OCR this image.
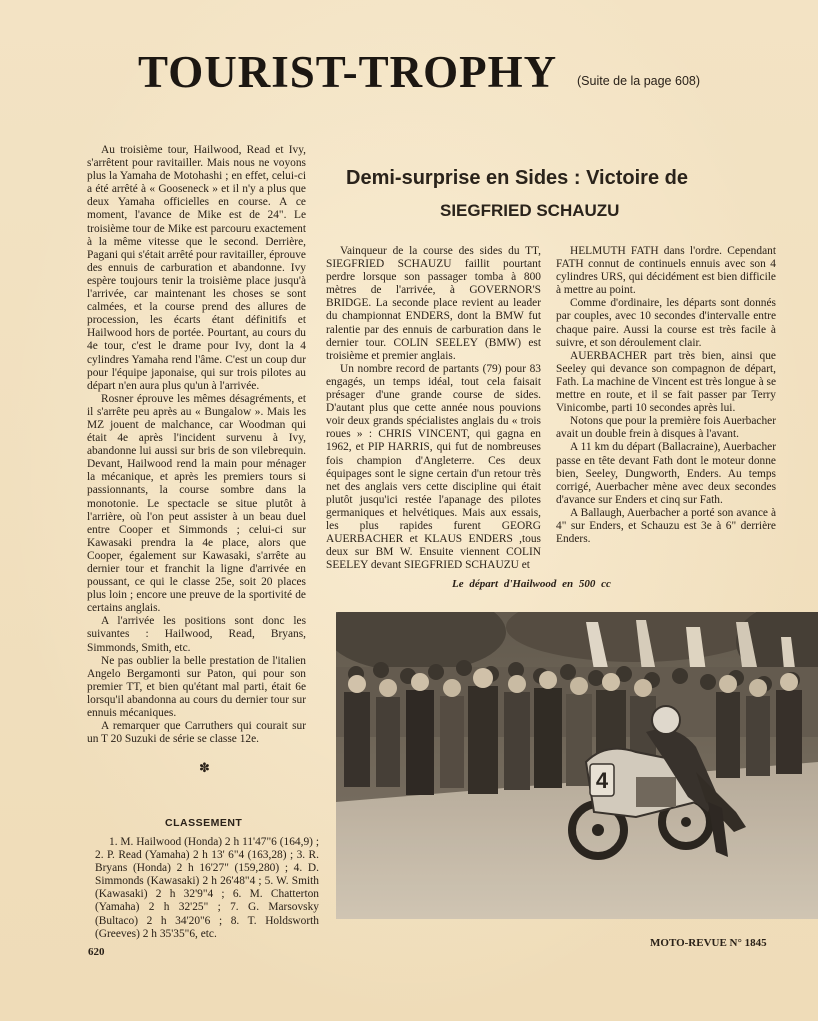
TOURIST-TROPHY (Suite de la page 608)

Au troisième tour, Hailwood, Read et Ivy, s'arrêtent pour ravitailler. Mais nous ne voyons plus la Yamaha de Motohashi ; en effet, celui-ci a été arrêté à « Gooseneck » et il n'y a plus que deux Yamaha officielles en course. A ce moment, l'avance de Mike est de 24". Le troisième tour de Mike est parcouru exactement à la même vitesse que le second. Derrière, Pagani qui s'était arrêté pour ravitailler, éprouve des ennuis de carburation et abandonne. Ivy espère toujours tenir la troisième place jusqu'à l'arrivée, car maintenant les choses se sont calmées, et la course prend des allures de procession, les écarts étant définitifs et Hailwood hors de portée. Pourtant, au cours du 4e tour, c'est le drame pour Ivy, dont la 4 cylindres Yamaha rend l'âme. C'est un coup dur pour l'équipe japonaise, qui sur trois pilotes au départ n'en aura plus qu'un à l'arrivée.

Rosner éprouve les mêmes désagréments, et il s'arrête peu après au « Bungalow ». Mais les MZ jouent de malchance, car Woodman qui était 4e après l'incident survenu à Ivy, abandonne lui aussi sur bris de son vilebrequin. Devant, Hailwood rend la main pour ménager la mécanique, et après les premiers tours si passionnants, la course sombre dans la monotonie. Le spectacle se situe plutôt à l'arrière, où l'on peut assister à un beau duel entre Cooper et Simmonds ; celui-ci sur Kawasaki prendra la 4e place, alors que Cooper, également sur Kawasaki, s'arrête au dernier tour et franchit la ligne d'arrivée en poussant, ce qui le classe 25e, soit 20 places plus loin ; encore une preuve de la sportivité de certains anglais.

A l'arrivée les positions sont donc les suivantes : Hailwood, Read, Bryans, Simmonds, Smith, etc.

Ne pas oublier la belle prestation de l'italien Angelo Bergamonti sur Paton, qui pour son premier TT, et bien qu'étant mal parti, était 6e lorsqu'il abandonna au cours du dernier tour sur ennuis mécaniques.

A remarquer que Carruthers qui courait sur un T 20 Suzuki de série se classe 12e.

✽
CLASSEMENT
1. M. Hailwood (Honda) 2 h 11'47"6 (164,9) ; 2. P. Read (Yamaha) 2 h 13' 6"4 (163,28) ; 3. R. Bryans (Honda) 2 h 16'27" (159,280) ; 4. D. Simmonds (Kawasaki) 2 h 26'48"4 ; 5. W. Smith (Kawasaki) 2 h 32'9"4 ; 6. M. Chatterton (Yamaha) 2 h 32'25" ; 7. G. Marsovsky (Bultaco) 2 h 34'20"6 ; 8. T. Holdsworth (Greeves) 2 h 35'35"6, etc.
Demi-surprise en Sides : Victoire de
SIEGFRIED SCHAUZU

Vainqueur de la course des sides du TT, SIEGFRIED SCHAUZU faillit pourtant perdre lorsque son passager tomba à 800 mètres de l'arrivée, à GOVERNOR'S BRIDGE. La seconde place revient au leader du championnat ENDERS, dont la BMW fut ralentie par des ennuis de carburation dans le dernier tour. COLIN SEELEY (BMW) est troisième et premier anglais.

Un nombre record de partants (79) pour 83 engagés, un temps idéal, tout cela faisait présager d'une grande course de sides. D'autant plus que cette année nous pouvions voir deux grands spécialistes anglais du « trois roues » : CHRIS VINCENT, qui gagna en 1962, et PIP HARRIS, qui fut de nombreuses fois champion d'Angleterre. Ces deux équipages sont le signe certain d'un retour très net des anglais vers cette discipline qui était plutôt jusqu'ici restée l'apanage des pilotes germaniques et helvétiques. Mais aux essais, les plus rapides furent GEORG AUERBACHER et KLAUS ENDERS ,tous deux sur BM W. Ensuite viennent COLIN SEELEY devant SIEGFRIED SCHAUZU et

HELMUTH FATH dans l'ordre. Cependant FATH connut de continuels ennuis avec son 4 cylindres URS, qui décidément est bien difficile à mettre au point.

Comme d'ordinaire, les départs sont donnés par couples, avec 10 secondes d'intervalle entre chaque paire. Aussi la course est très facile à suivre, et son déroulement clair.

AUERBACHER part très bien, ainsi que Seeley qui devance son compagnon de départ, Fath. La machine de Vincent est très longue à se mettre en route, et il se fait passer par Terry Vinicombe, parti 10 secondes après lui.

Notons que pour la première fois Auerbacher avait un double frein à disques à l'avant.

A 11 km du départ (Ballacraine), Auerbacher passe en tête devant Fath dont le moteur donne bien, Seeley, Dungworth, Enders. Au temps corrigé, Auerbacher mène avec deux secondes d'avance sur Enders et cinq sur Fath.

A Ballaugh, Auerbacher a porté son avance à 4" sur Enders, et Schauzu est 3e à 6" derrière Enders.

Le départ d'Hailwood en 500 cc
4
MOTO-REVUE N° 1845
620
